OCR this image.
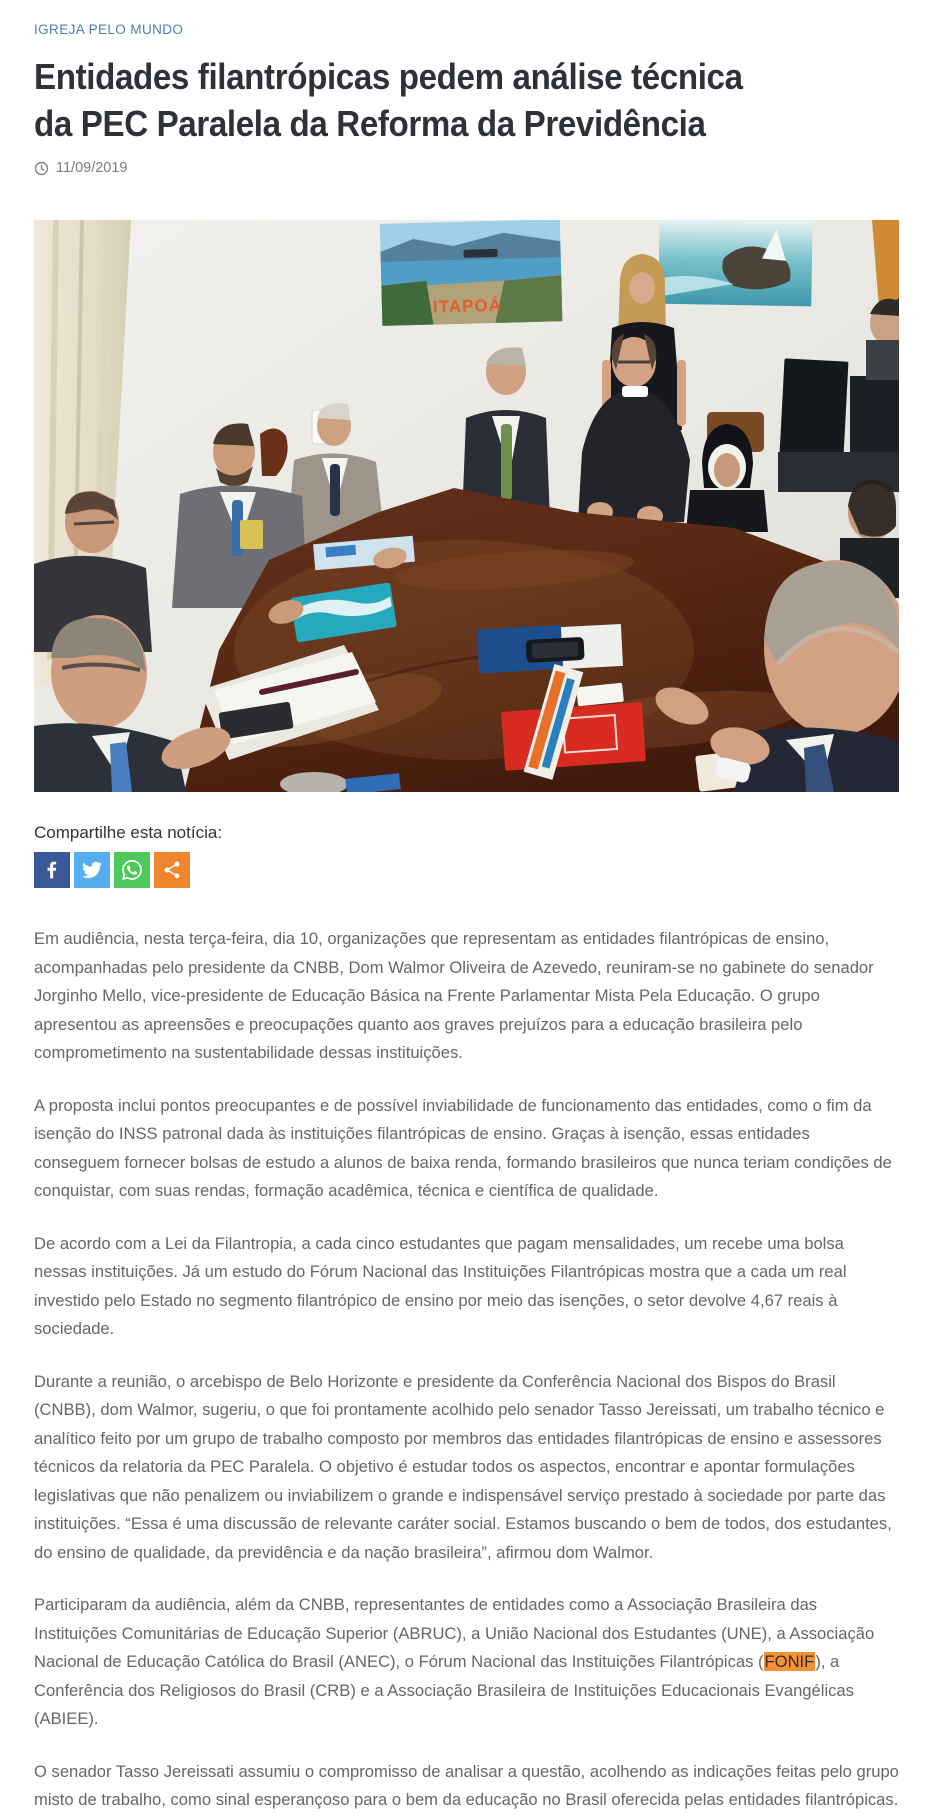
IGREJA PELO MUNDO
Entidades filantrópicas pedem análise técnica
da PEC Paralela da Reforma da Previdência
11/09/2019
ITAPOÁ
Compartilhe esta notícia:

Em audiência, nesta terça-feira, dia 10, organizações que representam as entidades filantrópicas de ensino, acompanhadas pelo presidente da CNBB, Dom Walmor Oliveira de Azevedo, reuniram-se no gabinete do senador Jorginho Mello, vice-presidente de Educação Básica na Frente Parlamentar Mista Pela Educação. O grupo apresentou as apreensões e preocupações quanto aos graves prejuízos para a educação brasileira pelo comprometimento na sustentabilidade dessas instituições.

A proposta inclui pontos preocupantes e de possível inviabilidade de funcionamento das entidades, como o fim da isenção do INSS patronal dada às instituições filantrópicas de ensino. Graças à isenção, essas entidades conseguem fornecer bolsas de estudo a alunos de baixa renda, formando brasileiros que nunca teriam condições de conquistar, com suas rendas, formação acadêmica, técnica e científica de qualidade.

De acordo com a Lei da Filantropia, a cada cinco estudantes que pagam mensalidades, um recebe uma bolsa nessas instituições. Já um estudo do Fórum Nacional das Instituições Filantrópicas mostra que a cada um real investido pelo Estado no segmento filantrópico de ensino por meio das isenções, o setor devolve 4,67 reais à sociedade.

Durante a reunião, o arcebispo de Belo Horizonte e presidente da Conferência Nacional dos Bispos do Brasil (CNBB), dom Walmor, sugeriu, o que foi prontamente acolhido pelo senador Tasso Jereissati, um trabalho técnico e analítico feito por um grupo de trabalho composto por membros das entidades filantrópicas de ensino e assessores técnicos da relatoria da PEC Paralela. O objetivo é estudar todos os aspectos, encontrar e apontar formulações legislativas que não penalizem ou inviabilizem o grande e indispensável serviço prestado à sociedade por parte das instituições. “Essa é uma discussão de relevante caráter social. Estamos buscando o bem de todos, dos estudantes, do ensino de qualidade, da previdência e da nação brasileira”, afirmou dom Walmor.

Participaram da audiência, além da CNBB, representantes de entidades como a Associação Brasileira das Instituições Comunitárias de Educação Superior (ABRUC), a União Nacional dos Estudantes (UNE), a Associação Nacional de Educação Católica do Brasil (ANEC), o Fórum Nacional das Instituições Filantrópicas (FONIF), a Conferência dos Religiosos do Brasil (CRB) e a Associação Brasileira de Instituições Educacionais Evangélicas (ABIEE).

O senador Tasso Jereissati assumiu o compromisso de analisar a questão, acolhendo as indicações feitas pelo grupo misto de trabalho, como sinal esperançoso para o bem da educação no Brasil oferecida pelas entidades filantrópicas.
